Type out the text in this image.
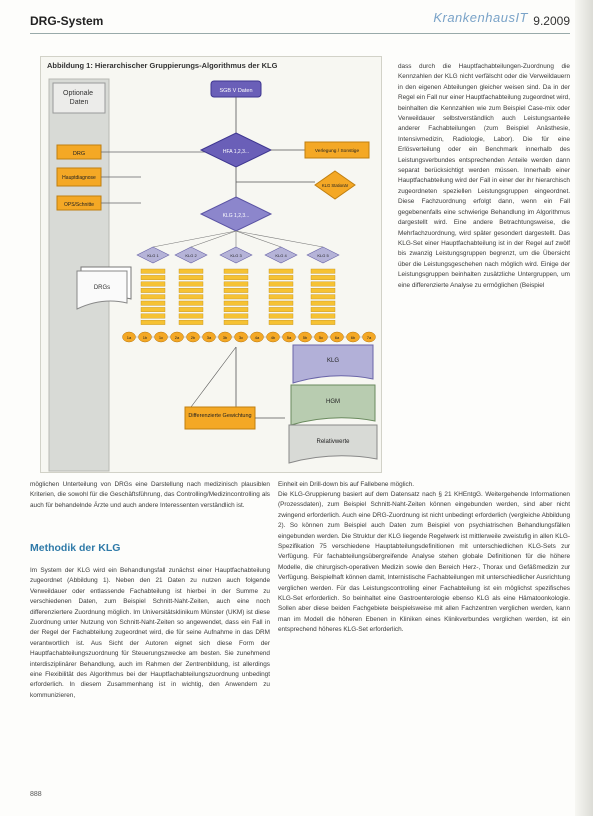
DRG-System	KrankenhausIT 9.2009
Abbildung 1: Hierarchischer Gruppierungs-Algorithmus der KLG
Optionale Daten
DRG
Hauptdiagnose
OPS/Schnitte
SGB V Daten
HFA 1,2,3...	Verlegung / Sonstige
KLG Stationär
KLG 1,2,3...
KLG 1	KLG 2	KLG 3	KLG 4	KLG 5
DRGs
1a	1b	1c	2a	2b	3a	3b	3c	4a	4b	5a	5b	5c	6a	6b	7a
Differenzierte Gewichtung
KLG
HGM
Relativwerte

dass durch die Hauptfachabteilungen-Zuordnung die Kennzahlen der KLG nicht verfälscht oder die Verweildauern in den eigenen Abteilungen gleicher weisen sind. Da in der Regel ein Fall nur einer Hauptfachabteilung zugeordnet wird, beinhalten die Kennzahlen wie zum Beispiel Case-mix oder Verweildauer selbstverständlich auch Leistungsanteile anderer Fachabteilungen (zum Beispiel Anästhesie, Intensivmedizin, Radiologie, Labor). Die für eine Erlösverteilung oder ein Benchmark innerhalb des Leistungsverbundes entsprechenden Anteile werden dann separat berücksichtigt werden müssen. Innerhalb einer Hauptfachabteilung wird der Fall in einer der ihr hierarchisch zugeordneten speziellen Leistungsgruppen eingeordnet. Diese Fachzuordnung erfolgt dann, wenn ein Fall gegebenenfalls eine schwierige Behandlung im Algorithmus dargestellt wird. Eine andere Betrachtungsweise, die Mehrfachzuordnung, wird später gesondert dargestellt. Das KLG-Set einer Hauptfachabteilung ist in der Regel auf zwölf bis zwanzig Leistungsgruppen begrenzt, um die Übersicht über die Leistungsgeschehen nach möglich wird. Einige der Leistungsgruppen beinhalten zusätzliche Untergruppen, um eine differenzierte Analyse zu ermöglichen (Beispiel

möglichen Unterteilung von DRGs eine Darstellung nach medizinisch plausiblen Kriterien, die sowohl für die Geschäftsführung, das Controlling/Medizincontrolling als auch für behandelnde Ärzte und auch andere Interessenten verständlich ist.

Methodik der KLG

Im System der KLG wird ein Behandlungsfall zunächst einer Hauptfachabteilung zugeordnet (Abbildung 1). Neben den 21 Daten zu nutzen auch folgende Verweildauer oder entlassende Fachabteilung ist hierbei in der Summe zu verschiedenen Daten, zum Beispiel Schnitt-Naht-Zeiten, auch eine noch differenziertere Zuordnung möglich. Im Universitätsklinikum Münster (UKM) ist diese Zuordnung unter Nutzung von Schnitt-Naht-Zeiten so angewendet, dass ein Fall in der Regel der Fachabteilung zugeordnet wird, die für seine Aufnahme in das DRM verantwortlich ist. Aus Sicht der Autoren eignet sich diese Form der Hauptfachabteilungszuordnung für Steuerungszwecke am besten. Sie zunehmend interdisziplinärer Behandlung, auch im Rahmen der Zentrenbildung, ist allerdings eine Flexibilität des Algorithmus bei der Hauptfachabteilungszuordnung unbedingt erforderlich. In diesem Zusammenhang ist in wichtig, den Anwendern zu kommunizieren,

Einheit ein Drill-down bis auf Fallebene möglich.

Die KLG-Gruppierung basiert auf dem Datensatz nach § 21 KHEntgG. Weitergehende Informationen (Prozessdaten), zum Beispiel Schnitt-Naht-Zeiten können eingebunden werden, sind aber nicht zwingend erforderlich. Auch eine DRG-Zuordnung ist nicht unbedingt erforderlich (vergleiche Abbildung 2). So können zum Beispiel auch Daten zum Beispiel von psychiatrischen Behandlungsfällen eingebunden werden. Die Struktur der KLG liegende Regelwerk ist mittlerweile zweistufig in allen KLG-Spezifikation 75 verschiedene Hauptabteilungsdefinitionen mit unterschiedlichen KLG-Sets zur Verfügung. Für fachabteilungsübergreifende Analyse stehen globale Definitionen für die höhere Modelle, die chirurgisch-operativen Medizin sowie den Bereich Herz-, Thorax und Gefäßmedizin zur Verfügung. Beispielhaft können damit, Internistische Fachabteilungen mit unterschiedlicher Ausrichtung verglichen werden. Für das Leistungscontrolling einer Fachabteilung ist ein möglichst spezifisches KLG-Set erforderlich. So beinhaltet eine Gastroenterologie ebenso KLG als eine Hämatoonkologie. Sollen aber diese beiden Fachgebiete beispielsweise mit allen Fachzentren verglichen werden, kann man im Modell die höheren Ebenen in Kliniken eines Klinikverbundes verglichen werden, ist ein entsprechend höheres KLG-Set erforderlich.

888
